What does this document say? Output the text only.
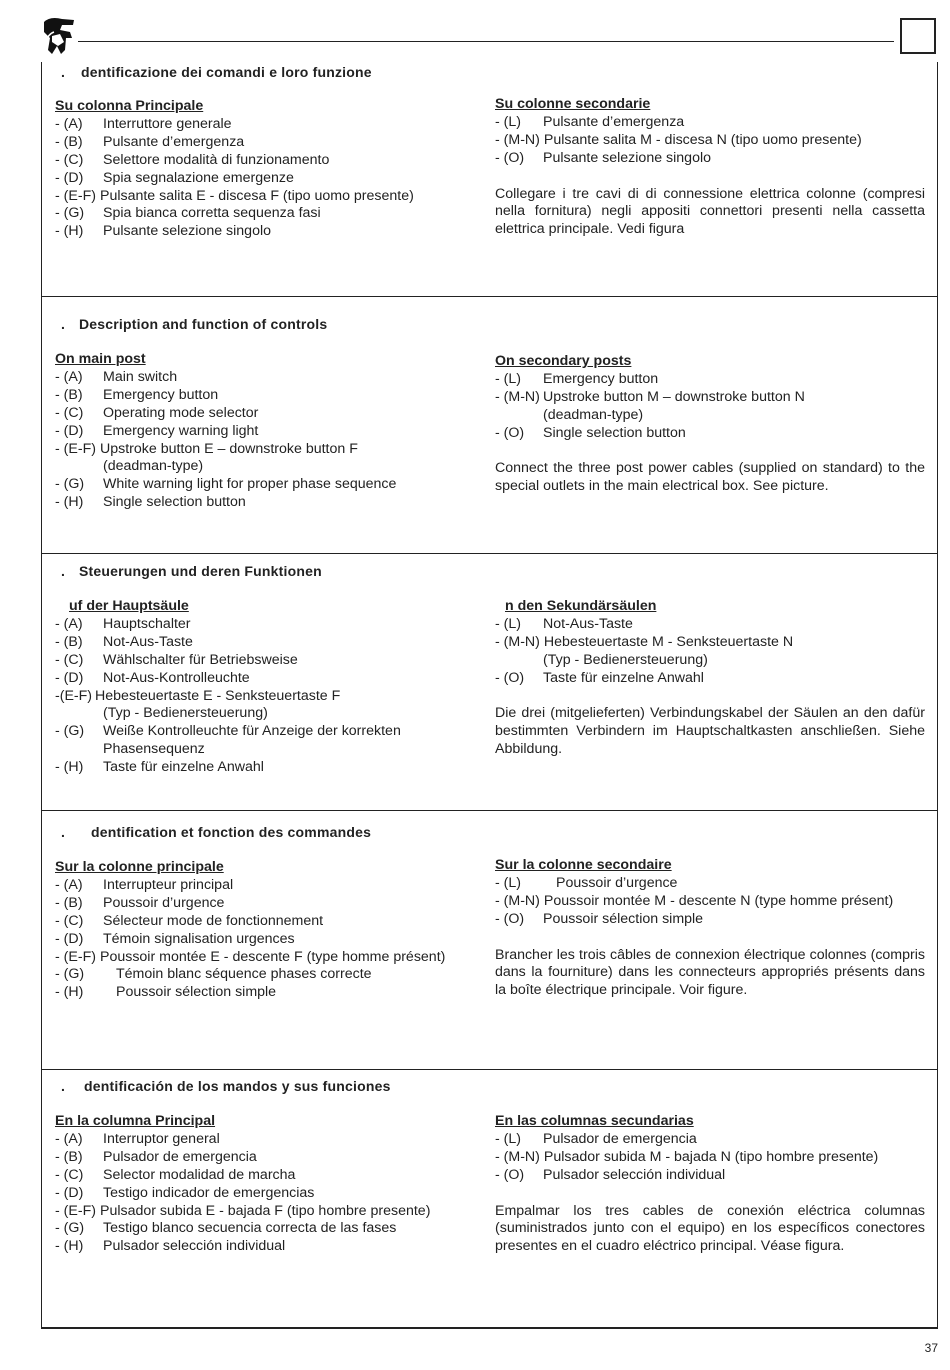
. dentificazione dei comandi e loro funzione
Su colonna Principale
- (A)	Interruttore generale
- (B)	Pulsante d’emergenza
- (C)	Selettore modalità di funzionamento
- (D)	Spia segnalazione emergenze
- (E-F) Pulsante salita E - discesa F (tipo uomo presente)
- (G)	Spia bianca corretta sequenza fasi
- (H)	Pulsante selezione singolo
Su colonne secondarie
- (L)	Pulsante d’emergenza
- (M-N) Pulsante salita M - discesa N (tipo uomo presente)
- (O)	Pulsante selezione singolo
Collegare i tre cavi di di connessione elettrica colonne (compresi nella fornitura) negli appositi connettori presenti nella cassetta elettrica principale. Vedi figura
. Description and function of controls
On main post
- (A)	Main switch
- (B)	Emergency button
- (C)	Operating mode selector
- (D)	Emergency warning light
- (E-F) Upstroke button E – downstroke button F
(deadman-type)
- (G)	White warning light for proper phase sequence
- (H)	Single selection button
On secondary posts
- (L)	Emergency button
- (M-N) Upstroke button M – downstroke button N
(deadman-type)
- (O)	Single selection button
Connect the three post power cables (supplied on standard) to the special outlets in the main electrical box. See picture.
. Steuerungen und deren Funktionen
uf der Hauptsäule
- (A)	Hauptschalter
- (B)	Not-Aus-Taste
- (C)	Wählschalter für Betriebsweise
- (D)	Not-Aus-Kontrolleuchte
-(E-F) Hebesteuertaste E - Senksteuertaste F
(Typ - Bedienersteuerung)
- (G)	Weiße Kontrolleuchte für Anzeige der korrekten
Phasensequenz
- (H)	Taste für einzelne Anwahl
n den Sekundärsäulen
- (L)	Not-Aus-Taste
- (M-N) Hebesteuertaste M - Senksteuertaste N
(Typ - Bedienersteuerung)
- (O)	Taste für einzelne Anwahl
Die drei (mitgelieferten) Verbindungskabel der Säulen an den dafür bestimmten Verbindern im Hauptschaltkasten anschließen. Siehe Abbildung.
. dentification et fonction des commandes
Sur la colonne principale
- (A)	Interrupteur principal
- (B)	Poussoir d’urgence
- (C)	Sélecteur mode de fonctionnement
- (D)	Témoin signalisation urgences
- (E-F) Poussoir montée E - descente F (type homme présent)
- (G)	Témoin blanc séquence phases correcte
- (H)	Poussoir sélection simple
Sur la colonne secondaire
- (L)	Poussoir d’urgence
- (M-N) Poussoir montée M - descente N (type homme présent)
- (O)	Poussoir sélection simple
Brancher les trois câbles de connexion électrique colonnes (compris dans la fourniture) dans les connecteurs appropriés présents dans la boîte électrique principale. Voir figure.
. dentificación de los mandos y sus funciones
En la columna Principal
- (A)	Interruptor general
- (B)	Pulsador de emergencia
- (C)	Selector modalidad de marcha
- (D)	Testigo indicador de emergencias
- (E-F) Pulsador subida E - bajada F (tipo hombre presente)
- (G)	Testigo blanco secuencia correcta de las fases
- (H)	Pulsador selección individual
En las columnas secundarias
- (L)	Pulsador de emergencia
- (M-N) Pulsador subida M - bajada N (tipo hombre presente)
- (O)	Pulsador selección individual
Empalmar los tres cables de conexión eléctrica columnas (suministrados junto con el equipo) en los específicos conectores presentes en el cuadro eléctrico principal. Véase figura.
37
